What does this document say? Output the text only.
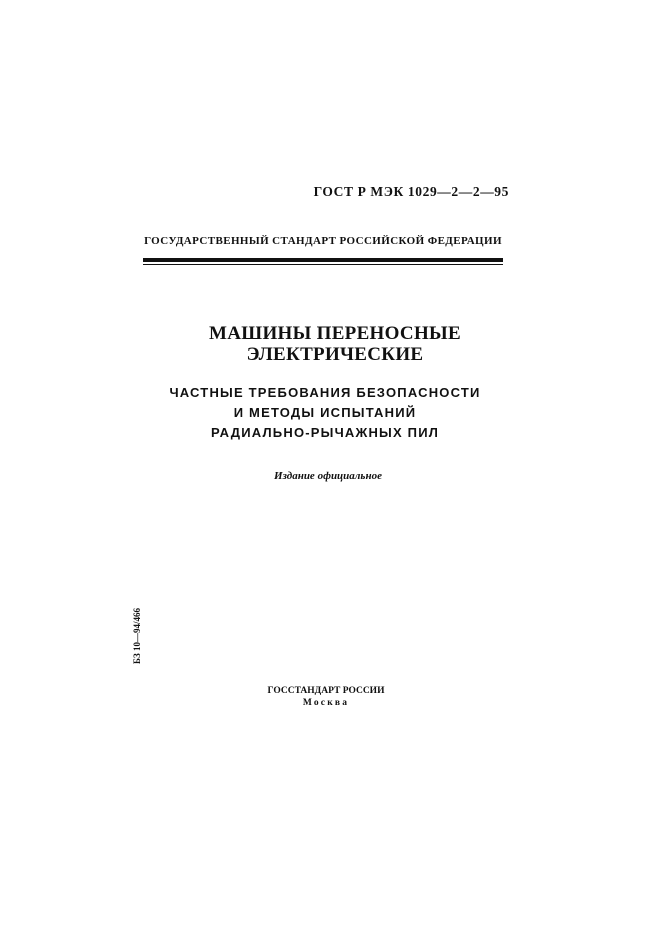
ГОСТ Р МЭК 1029—2—2—95
ГОСУДАРСТВЕННЫЙ СТАНДАРТ РОССИЙСКОЙ ФЕДЕРАЦИИ
МАШИНЫ ПЕРЕНОСНЫЕ
ЭЛЕКТРИЧЕСКИЕ
ЧАСТНЫЕ ТРЕБОВАНИЯ БЕЗОПАСНОСТИ
И МЕТОДЫ ИСПЫТАНИЙ
РАДИАЛЬНО-РЫЧАЖНЫХ ПИЛ
Издание официальное
БЗ 10—94/466
ГОССТАНДАРТ РОССИИ
Москва
